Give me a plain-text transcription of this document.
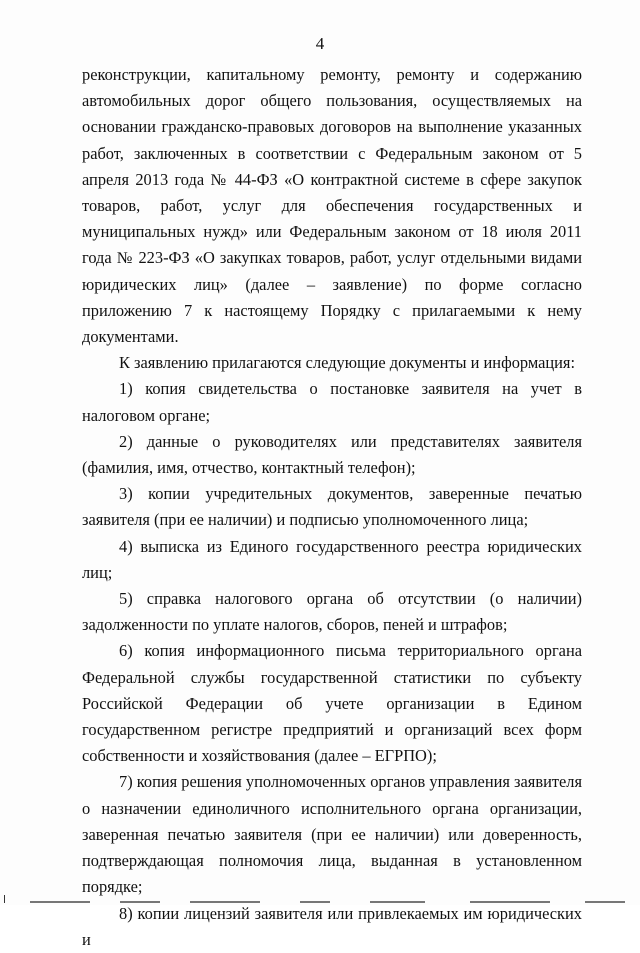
4

реконструкции, капитальному ремонту, ремонту и содержанию автомобильных дорог общего пользования, осуществляемых на основании гражданско-правовых договоров на выполнение указанных работ, заключенных в соответствии с Федеральным законом от 5 апреля 2013 года № 44-ФЗ «О контрактной системе в сфере закупок товаров, работ, услуг для обеспечения государственных и муниципальных нужд» или Федеральным законом от 18 июля 2011 года № 223-ФЗ «О закупках товаров, работ, услуг отдельными видами юридических лиц» (далее – заявление) по форме согласно приложению 7 к настоящему Порядку с прилагаемыми к нему документами.

К заявлению прилагаются следующие документы и информация:

1) копия свидетельства о постановке заявителя на учет в налоговом органе;

2) данные о руководителях или представителях заявителя (фамилия, имя, отчество, контактный телефон);

3) копии учредительных документов, заверенные печатью заявителя (при ее наличии) и подписью уполномоченного лица;

4) выписка из Единого государственного реестра юридических лиц;

5) справка налогового органа об отсутствии (о наличии) задолженности по уплате налогов, сборов, пеней и штрафов;

6) копия информационного письма территориального органа Федеральной службы государственной статистики по субъекту Российской Федерации об учете организации в Едином государственном регистре предприятий и организаций всех форм собственности и хозяйствования (далее – ЕГРПО);

7) копия решения уполномоченных органов управления заявителя о назначении единоличного исполнительного органа организации, заверенная печатью заявителя (при ее наличии) или доверенность, подтверждающая полномочия лица, выданная в установленном порядке;

8) копии лицензий заявителя или привлекаемых им юридических и
